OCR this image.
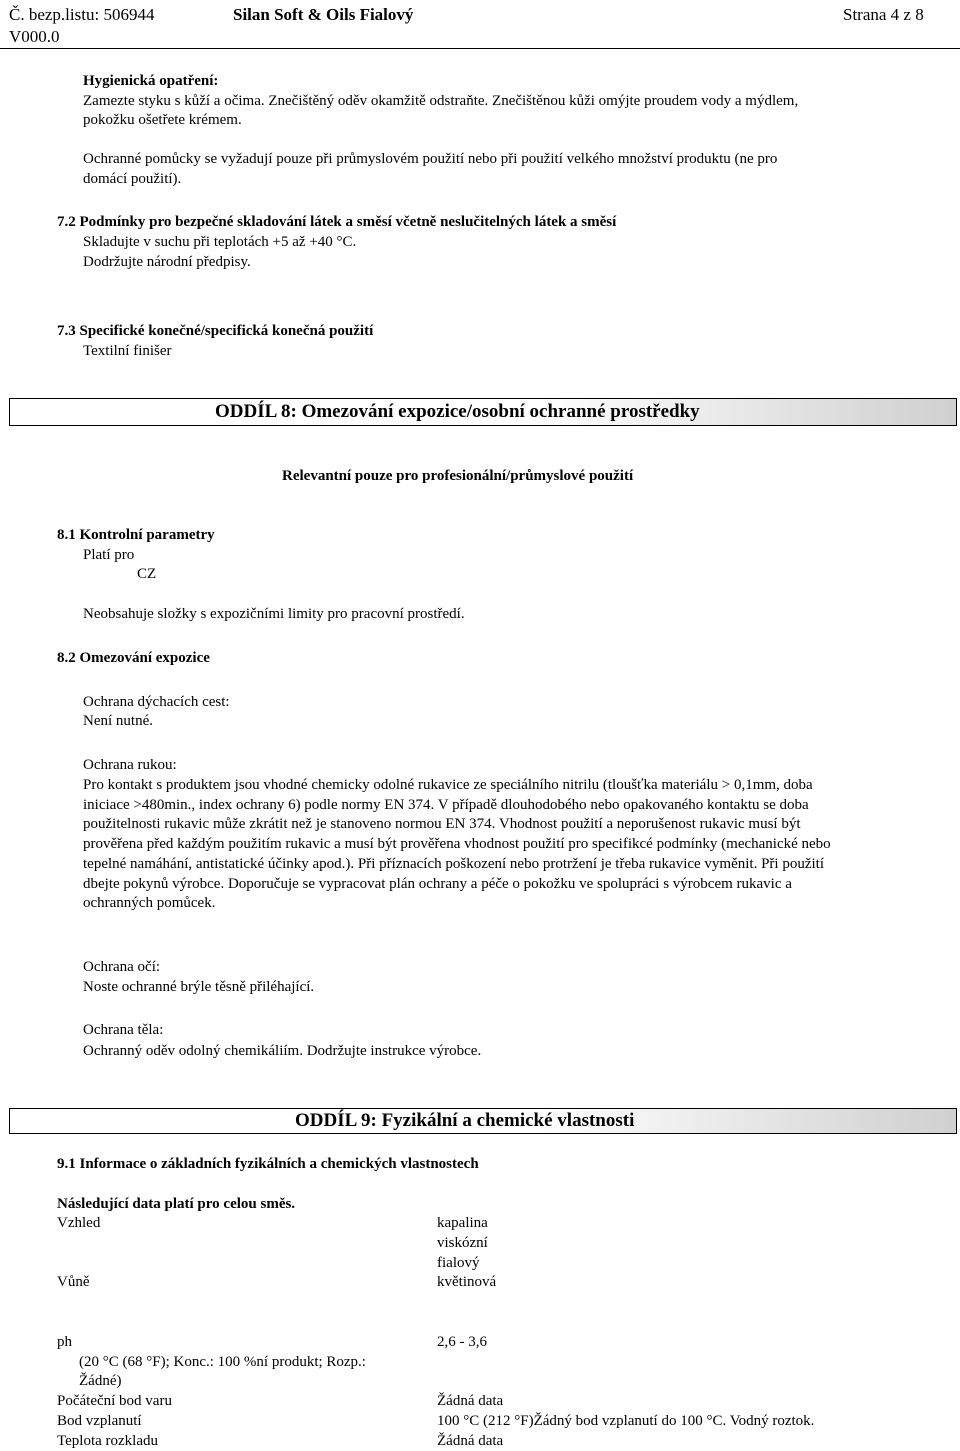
Č. bezp.listu: 506944	Silan Soft & Oils Fialový	Strana 4 z 8
V000.0
Hygienická opatření:
Zamezte styku s kůží a očima. Znečištěný oděv okamžitě odstraňte. Znečištěnou kůži omýjte proudem vody a mýdlem,
pokožku ošetřete krémem.
Ochranné pomůcky se vyžadují pouze při průmyslovém použití nebo při použití velkého množství produktu (ne pro
domácí použití).
7.2 Podmínky pro bezpečné skladování látek a směsí včetně neslučitelných látek a směsí
Skladujte v suchu při teplotách +5 až +40 °C.
Dodržujte národní předpisy.
7.3 Specifické konečné/specifická konečná použití
Textilní finišer
ODDÍL 8: Omezování expozice/osobní ochranné prostředky
Relevantní pouze pro profesionální/průmyslové použití
8.1 Kontrolní parametry
Platí pro
CZ
Neobsahuje složky s expozičními limity pro pracovní prostředí.
8.2 Omezování expozice
Ochrana dýchacích cest:
Není nutné.
Ochrana rukou:
Pro kontakt s produktem jsou vhodné chemicky odolné rukavice ze speciálního nitrilu (tloušťka materiálu > 0,1mm, doba
iniciace >480min., index ochrany 6) podle normy EN 374. V případě dlouhodobého nebo opakovaného kontaktu se doba
použitelnosti rukavic může zkrátit než je stanoveno normou EN 374. Vhodnost použití a neporušenost rukavic musí být
prověřena před každým použitím rukavic a musí být prověřena vhodnost použití pro specifikcé podmínky (mechanické nebo
tepelné namáhání, antistatické účinky apod.). Při příznacích poškození nebo protržení je třeba rukavice vyměnit. Při použití
dbejte pokynů výrobce. Doporučuje se vypracovat plán ochrany a péče o pokožku ve spolupráci s výrobcem rukavic a
ochranných pomůcek.
Ochrana očí:
Noste ochranné brýle těsně přiléhající.
Ochrana těla:
Ochranný oděv odolný chemikáliím. Dodržujte instrukce výrobce.
ODDÍL 9: Fyzikální a chemické vlastnosti
9.1 Informace o základních fyzikálních a chemických vlastnostech
Následující data platí pro celou směs.
Vzhled	kapalina
viskózní
fialový
Vůně	květinová
ph	2,6 - 3,6
(20 °C (68 °F); Konc.: 100 %ní produkt; Rozp.:
Žádné)
Počáteční bod varu	Žádná data
Bod vzplanutí	100 °C (212 °F)Žádný bod vzplanutí do 100 °C. Vodný roztok.
Teplota rozkladu	Žádná data
